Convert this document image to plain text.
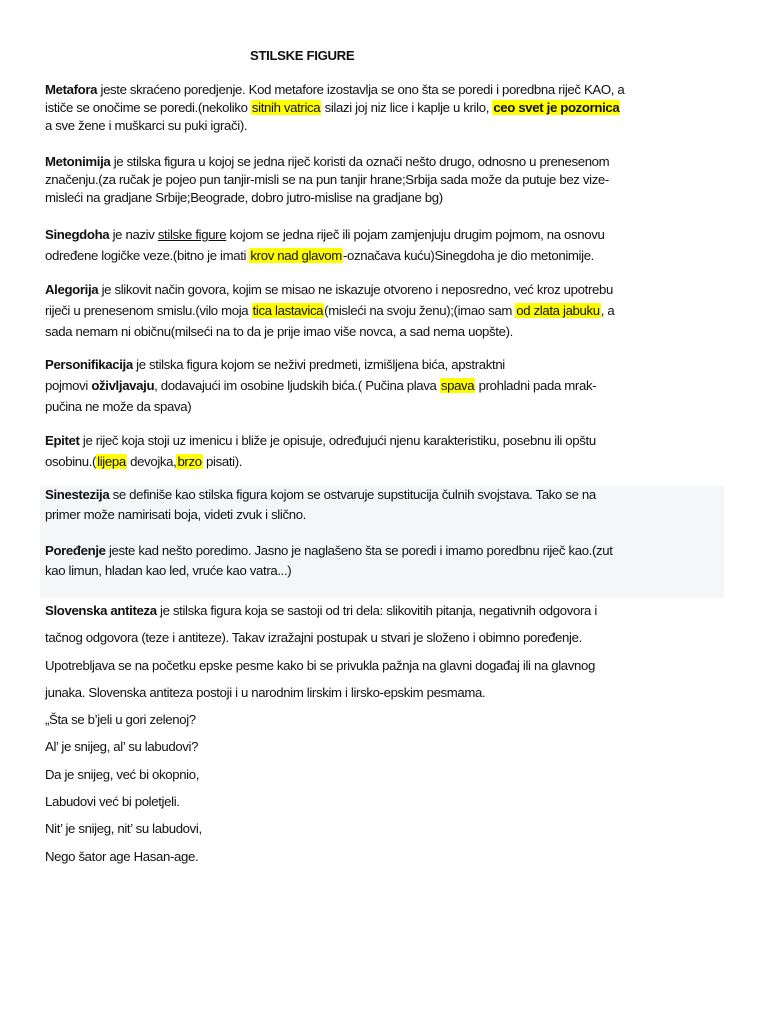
STILSKE FIGURE
Metafora jeste skraćeno poredjenje. Kod metafore izostavlja se ono šta se poredi i poredbna riječ KAO, a
ističe se onočime se poredi.(nekoliko sitnih vatrica silazi joj niz lice i kaplje u krilo, ceo svet je pozornica
a sve žene i muškarci su puki igrači).
Metonimija je stilska figura u kojoj se jedna riječ koristi da označi nešto drugo, odnosno u prenesenom
značenju.(za ručak je pojeo pun tanjir-misli se na pun tanjir hrane;Srbija sada može da putuje bez vize-
misleći na gradjane Srbije;Beograde, dobro jutro-mislise na gradjane bg)
Sinegdoha je naziv stilske figure kojom se jedna riječ ili pojam zamjenjuju drugim pojmom, na osnovu
određene logičke veze.(bitno je imati krov nad glavom-označava kuću)Sinegdoha je dio metonimije.
Alegorija je slikovit način govora, kojim se misao ne iskazuje otvoreno i neposredno, već kroz upotrebu
riječi u prenesenom smislu.(vilo moja tica lastavica(misleći na svoju ženu);(imao sam od zlata jabuku, a
sada nemam ni običnu(milseći na to da je prije imao više novca, a sad nema uopšte).
Personifikacija je stilska figura kojom se neživi predmeti, izmišljena bića, apstraktni
pojmovi oživljavaju, dodavajući im osobine ljudskih bića.( Pučina plava spava prohladni pada mrak-
pučina ne može da spava)
Epitet je riječ koja stoji uz imenicu i bliže je opisuje, određujući njenu karakteristiku, posebnu ili opštu
osobinu.(lijepa devojka,brzo pisati).
Sinestezija se definiše kao stilska figura kojom se ostvaruje supstitucija čulnih svojstava. Tako se na
primer može namirisati boja, videti zvuk i slično.
Poređenje jeste kad nešto poredimo. Jasno je naglašeno šta se poredi i imamo poredbnu riječ kao.(zut
kao limun, hladan kao led, vruće kao vatra...)
Slovenska antiteza je stilska figura koja se sastoji od tri dela: slikovitih pitanja, negativnih odgovora i
tačnog odgovora (teze i antiteze). Takav izražajni postupak u stvari je složeno i obimno poređenje.
Upotrebljava se na početku epske pesme kako bi se privukla pažnja na glavni događaj ili na glavnog
junaka. Slovenska antiteza postoji i u narodnim lirskim i lirsko-epskim pesmama.
„Šta se b’jeli u gori zelenoj?
Al’ je snijeg, al’ su labudovi?
Da je snijeg, već bi okopnio,
Labudovi već bi poletjeli.
Nit’ je snijeg, nit’ su labudovi,
Nego šator age Hasan-age.
